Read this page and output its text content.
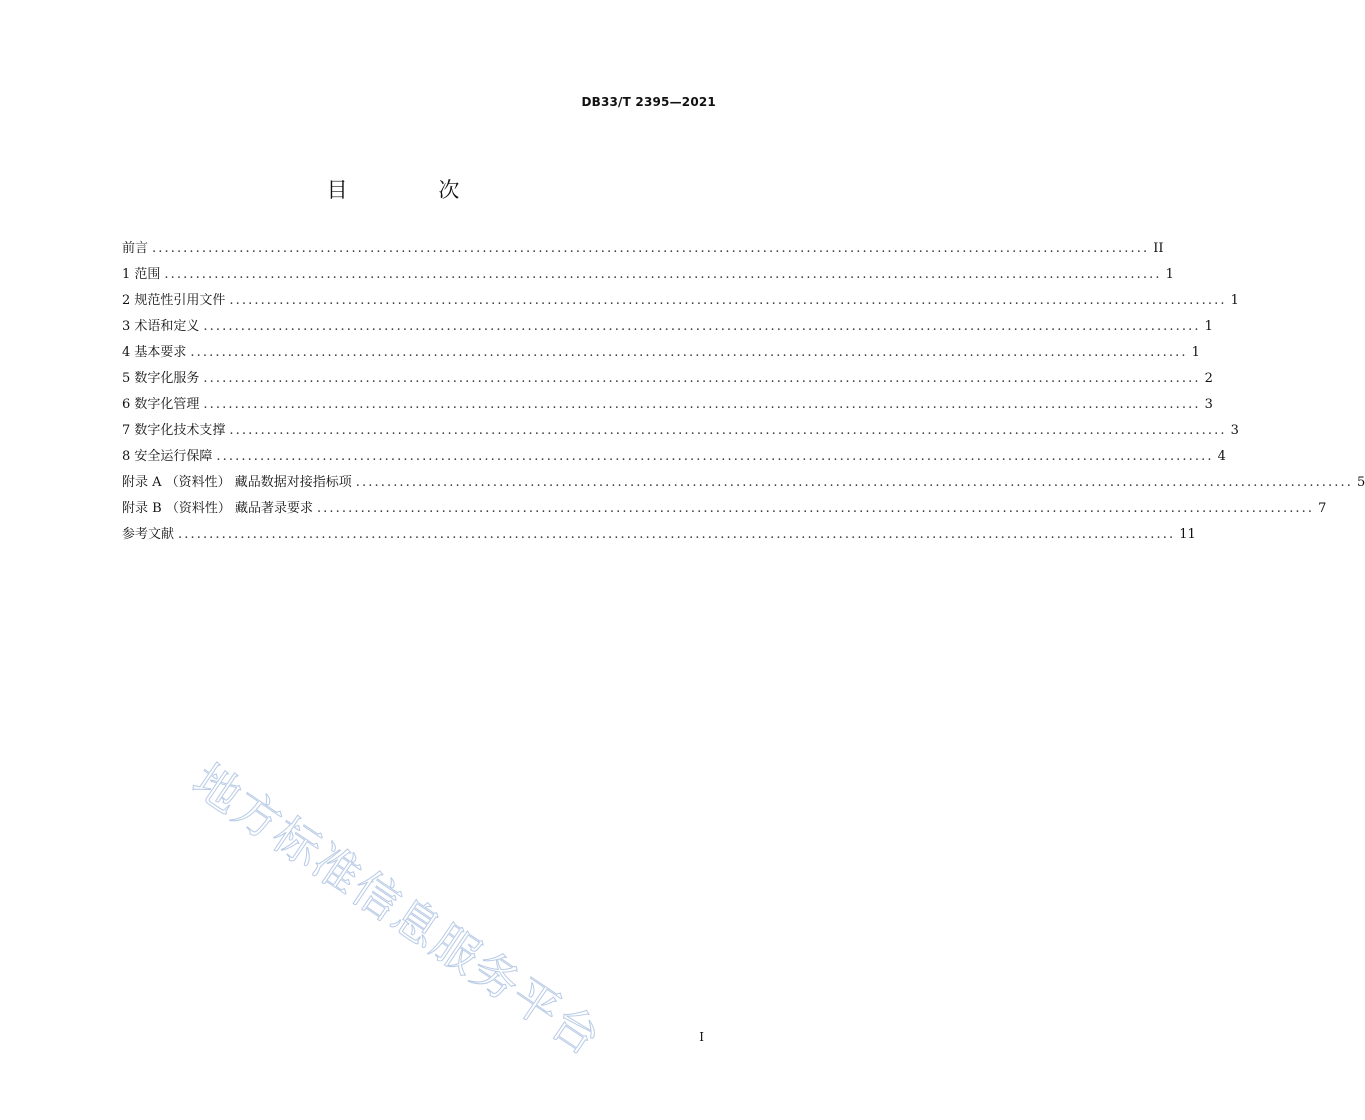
DB33/T 2395—2021
目 次
前言 ................................................................................................................................................................ II
1 范围 ................................................................................................................................................................ 1
2 规范性引用文件 ................................................................................................................................................................ 1
3 术语和定义 ................................................................................................................................................................ 1
4 基本要求 ................................................................................................................................................................ 1
5 数字化服务 ................................................................................................................................................................ 2
6 数字化管理 ................................................................................................................................................................ 3
7 数字化技术支撑 ................................................................................................................................................................ 3
8 安全运行保障 ................................................................................................................................................................ 4
附录 A （资料性） 藏品数据对接指标项 ................................................................................................................................................................ 5
附录 B （资料性） 藏品著录要求 ................................................................................................................................................................ 7
参考文献 ................................................................................................................................................................ 11
地方标准信息服务平台	I
